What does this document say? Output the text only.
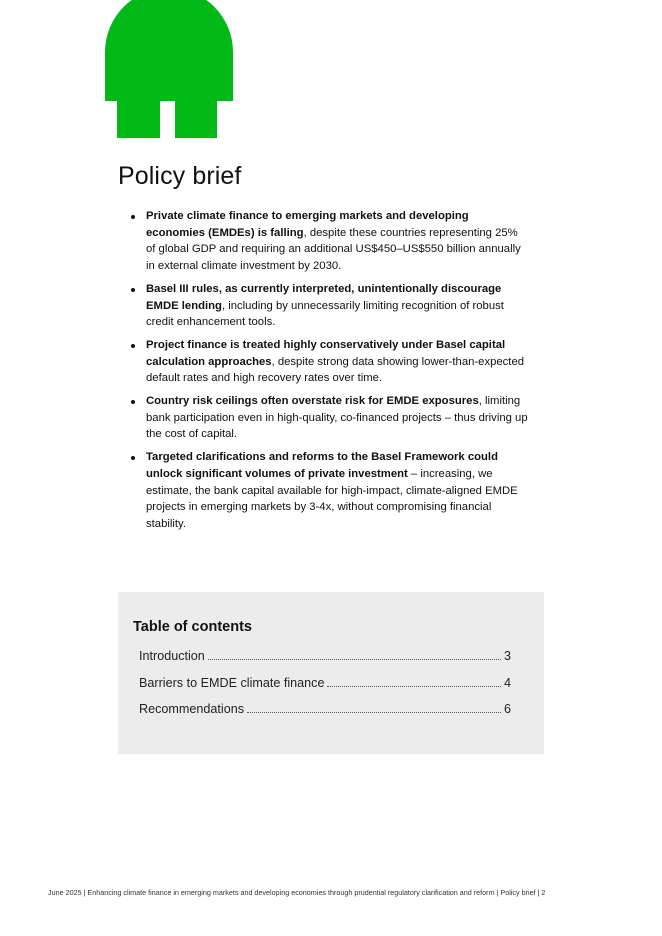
Policy brief
Private climate finance to emerging markets and developing economies (EMDEs) is falling, despite these countries representing 25% of global GDP and requiring an additional US$450–US$550 billion annually in external climate investment by 2030.
Basel III rules, as currently interpreted, unintentionally discourage EMDE lending, including by unnecessarily limiting recognition of robust credit enhancement tools.
Project finance is treated highly conservatively under Basel capital calculation approaches, despite strong data showing lower-than-expected default rates and high recovery rates over time.
Country risk ceilings often overstate risk for EMDE exposures, limiting bank participation even in high-quality, co-financed projects – thus driving up the cost of capital.
Targeted clarifications and reforms to the Basel Framework could unlock significant volumes of private investment – increasing, we estimate, the bank capital available for high-impact, climate-aligned EMDE projects in emerging markets by 3-4x, without compromising financial stability.
Table of contents
Introduction	3
Barriers to EMDE climate finance	4
Recommendations	6
June 2025 | Enhancing climate finance in emerging markets and developing economies through prudential regulatory clarification and reform | Policy brief | 2
